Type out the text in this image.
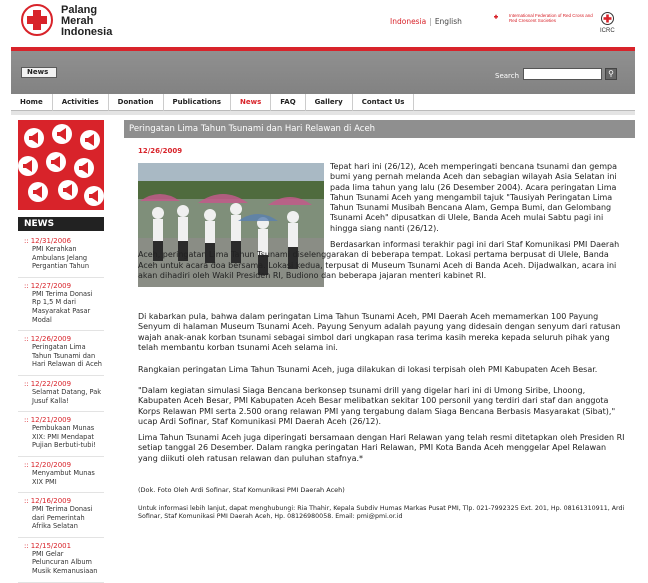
Palang
Merah
Indonesia
Indonesia | English
International Federation of Red Cross and Red Crescent Societies
ICRC
News	Search	⚲
Home	Activities	Donation	Publications	News	FAQ	Gallery	Contact Us
NEWS
:: 12/31/2006
PMI Kerahkan Ambulans Jelang Pergantian Tahun
:: 12/27/2009
PMI Terima Donasi Rp 1,5 M dari Masyarakat Pasar Modal
:: 12/26/2009
Peringatan Lima Tahun Tsunami dan Hari Relawan di Aceh
:: 12/22/2009
Selamat Datang, Pak Jusuf Kalla!
:: 12/21/2009
Pembukaan Munas XIX: PMI Mendapat Pujian Berbuti-tubi!
:: 12/20/2009
Menyambut Munas XIX PMI
:: 12/16/2009
PMI Terima Donasi dari Pemerintah Afrika Selatan
:: 12/15/2001
PMI Gelar Peluncuran Album Musik Kemanusiaan
Peringatan Lima Tahun Tsunami dan Hari Relawan di Aceh
12/26/2009
Tepat hari ini (26/12), Aceh memperingati bencana tsunami dan gempa bumi yang pernah melanda Aceh dan sebagian wilayah Asia Selatan ini pada lima tahun yang lalu (26 Desember 2004). Acara peringatan Lima Tahun Tsunami Aceh yang mengambil tajuk "Tausiyah Peringatan Lima Tahun Tsunami Musibah Bencana Alam, Gempa Bumi, dan Gelombang Tsunami Aceh" dipusatkan di Ulele, Banda Aceh mulai Sabtu pagi ini hingga siang nanti (26/12).
Berdasarkan informasi terakhir pagi ini dari Staf Komunikasi PMI Daerah Aceh, peringatan Lima Tahun Tsunami diselenggarakan di beberapa tempat. Lokasi pertama berpusat di Ulele, Banda Aceh untuk acara doa bersama. Lokasi kedua, terpusat di Museum Tsunami Aceh di Banda Aceh. Dijadwalkan, acara ini akan dihadiri oleh Wakil Presiden RI, Budiono dan beberapa jajaran menteri kabinet RI.
Di kabarkan pula, bahwa dalam peringatan Lima Tahun Tsunami Aceh, PMI Daerah Aceh memamerkan 100 Payung Senyum di halaman Museum Tsunami Aceh. Payung Senyum adalah payung yang didesain dengan senyum dari ratusan wajah anak-anak korban tsunami sebagai simbol dari ungkapan rasa terima kasih mereka kepada seluruh pihak yang telah membantu korban tsunami Aceh selama ini.
Rangkaian peringatan Lima Tahun Tsunami Aceh, juga dilakukan di lokasi terpisah oleh PMI Kabupaten Aceh Besar.
"Dalam kegiatan simulasi Siaga Bencana berkonsep tsunami drill yang digelar hari ini di Umong Siribe, Lhoong, Kabupaten Aceh Besar, PMI Kabupaten Aceh Besar melibatkan sekitar 100 personil yang terdiri dari staf dan anggota Korps Relawan PMI serta 2.500 orang relawan PMI yang tergabung dalam Siaga Bencana Berbasis Masyarakat (Sibat)," ucap Ardi Sofinar, Staf Komunikasi PMI Daerah Aceh (26/12).
Lima Tahun Tsunami Aceh juga diperingati bersamaan dengan Hari Relawan yang telah resmi ditetapkan oleh Presiden RI setiap tanggal 26 Desember. Dalam rangka peringatan Hari Relawan, PMI Kota Banda Aceh menggelar Apel Relawan yang diikuti oleh ratusan relawan dan puluhan stafnya.*
(Dok. Foto Oleh Ardi Sofinar, Staf Komunikasi PMI Daerah Aceh)
Untuk informasi lebih lanjut, dapat menghubungi: Ria Thahir, Kepala Subdiv Humas Markas Pusat PMI, Tlp. 021-7992325 Ext. 201, Hp. 08161310911, Ardi Sofinar, Staf Komunikasi PMI Daerah Aceh, Hp. 08126980058. Email: pmi@pmi.or.id
